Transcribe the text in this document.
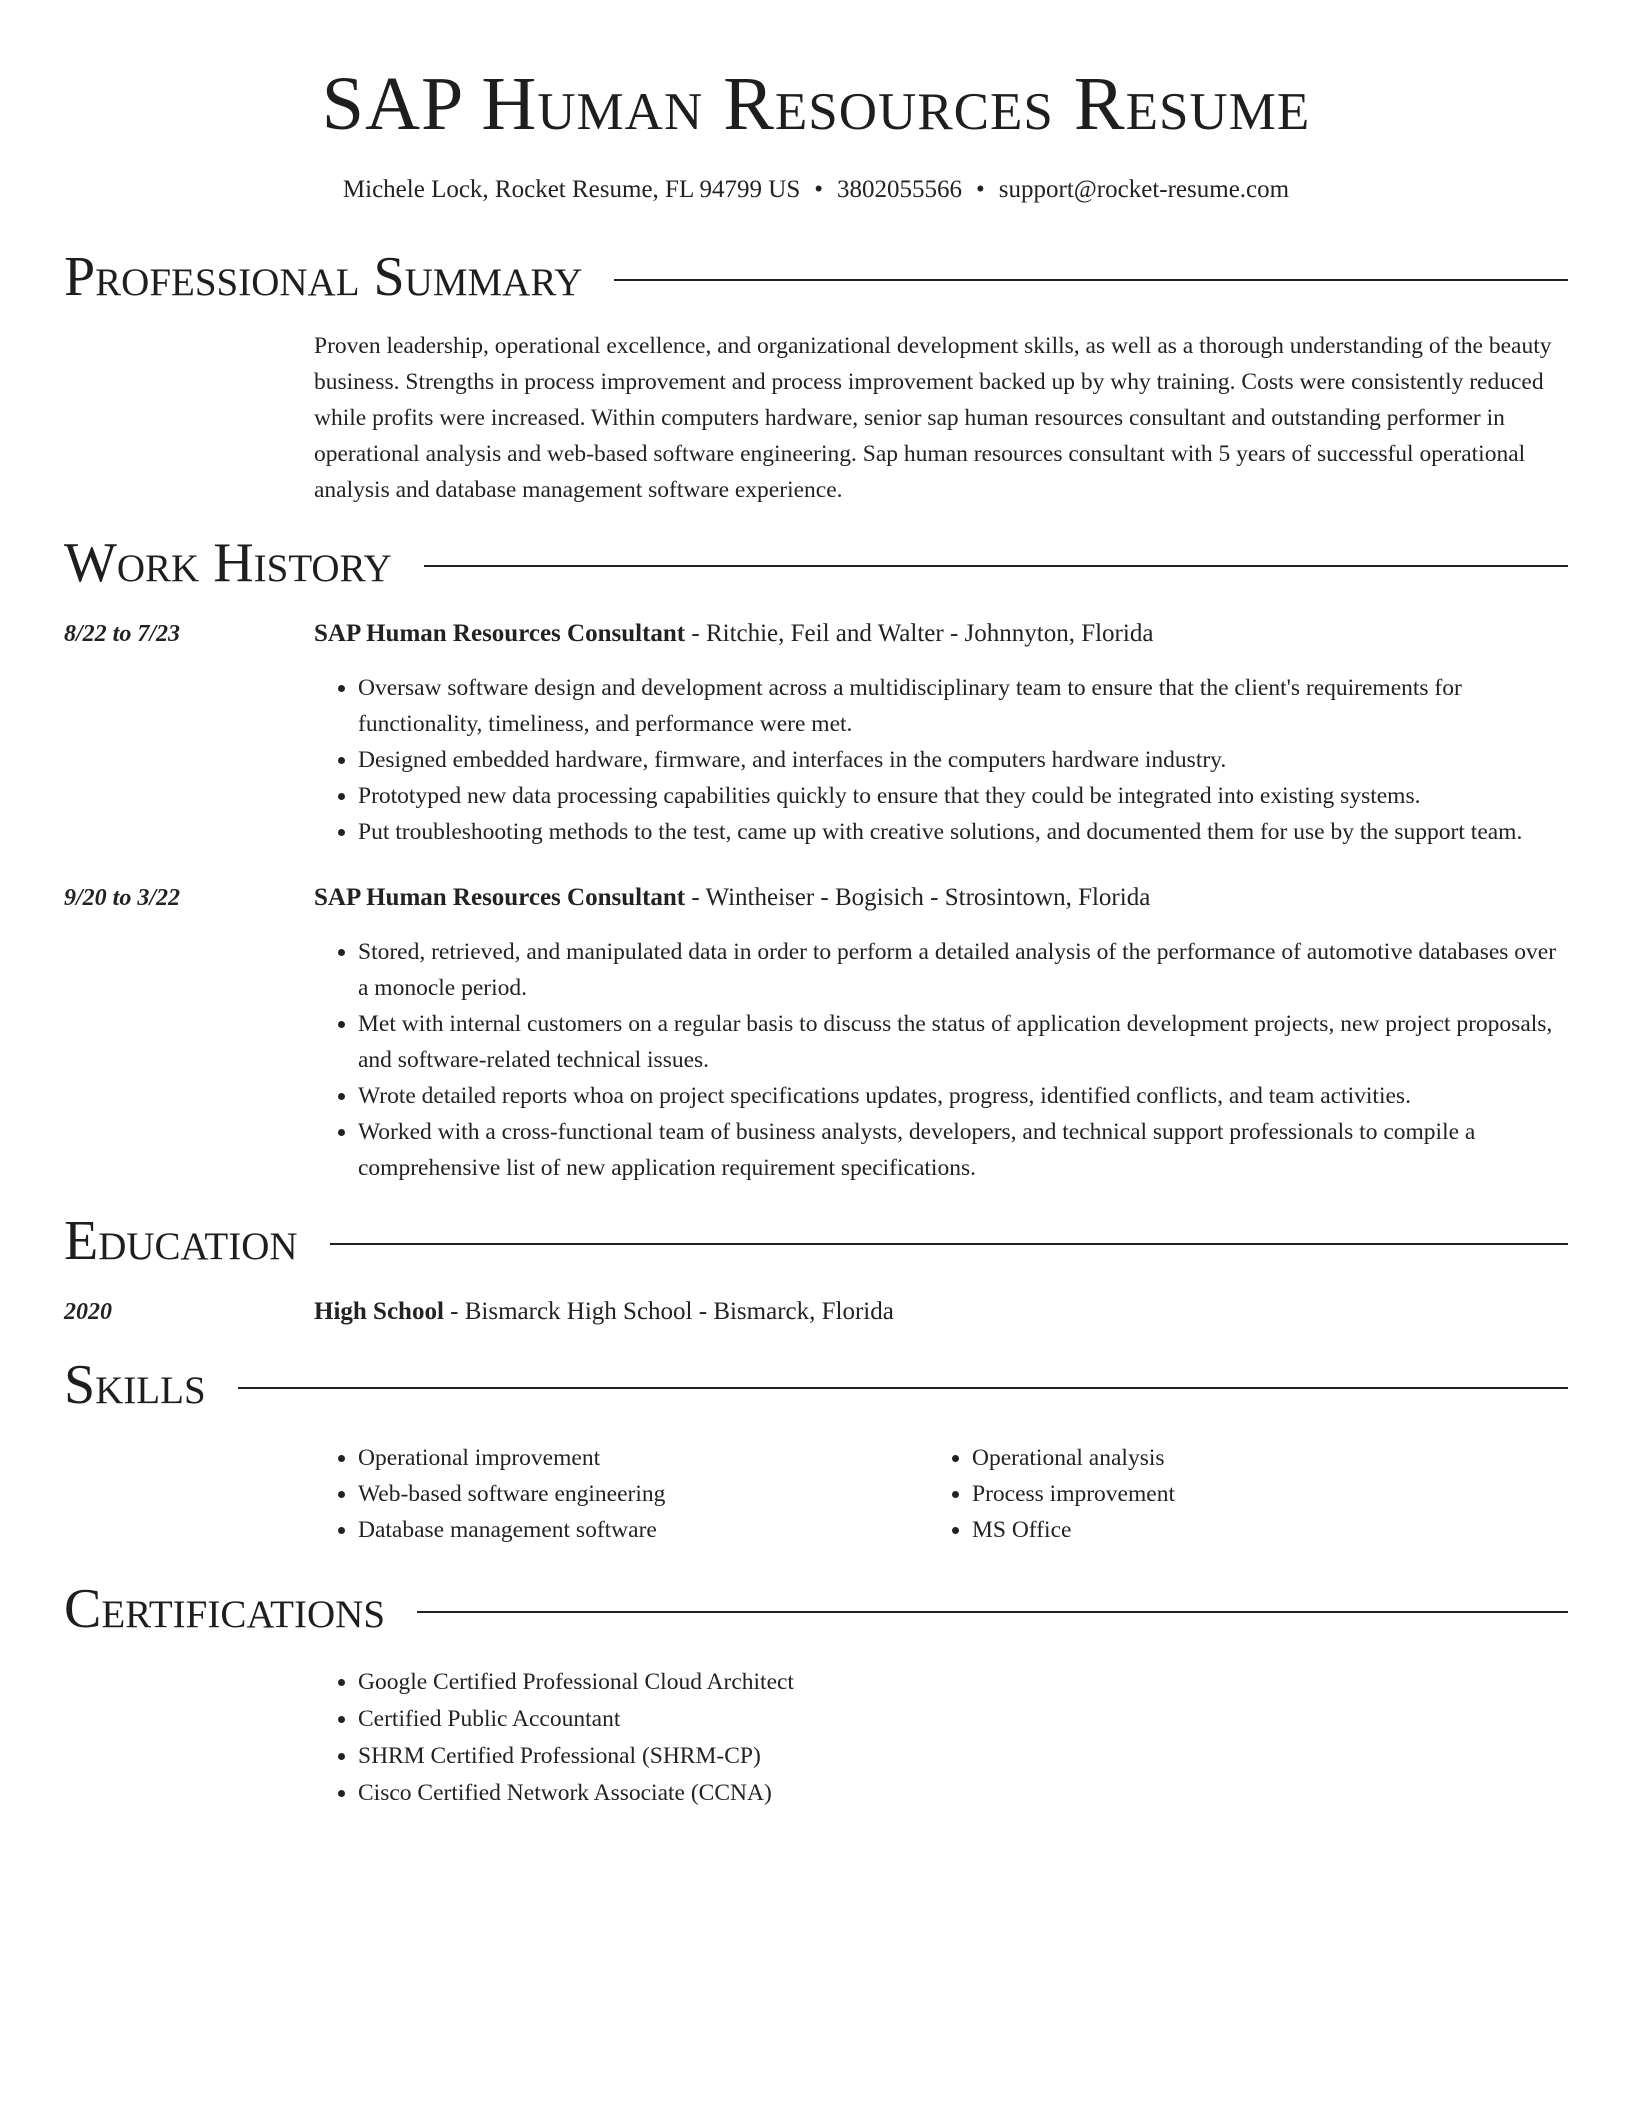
SAP Human Resources Resume
Michele Lock, Rocket Resume, FL 94799 US • 3802055566 • support@rocket-resume.com
Professional Summary
Proven leadership, operational excellence, and organizational development skills, as well as a thorough understanding of the beauty business. Strengths in process improvement and process improvement backed up by why training. Costs were consistently reduced while profits were increased. Within computers hardware, senior sap human resources consultant and outstanding performer in operational analysis and web-based software engineering. Sap human resources consultant with 5 years of successful operational analysis and database management software experience.
Work History
8/22 to 7/23	SAP Human Resources Consultant - Ritchie, Feil and Walter - Johnnyton, Florida
• Oversaw software design and development across a multidisciplinary team to ensure that the client's requirements for functionality, timeliness, and performance were met.
• Designed embedded hardware, firmware, and interfaces in the computers hardware industry.
• Prototyped new data processing capabilities quickly to ensure that they could be integrated into existing systems.
• Put troubleshooting methods to the test, came up with creative solutions, and documented them for use by the support team.
9/20 to 3/22	SAP Human Resources Consultant - Wintheiser - Bogisich - Strosintown, Florida
• Stored, retrieved, and manipulated data in order to perform a detailed analysis of the performance of automotive databases over a monocle period.
• Met with internal customers on a regular basis to discuss the status of application development projects, new project proposals, and software-related technical issues.
• Wrote detailed reports whoa on project specifications updates, progress, identified conflicts, and team activities.
• Worked with a cross-functional team of business analysts, developers, and technical support professionals to compile a comprehensive list of new application requirement specifications.
Education
2020	High School - Bismarck High School - Bismarck, Florida
Skills
• Operational improvement
• Web-based software engineering
• Database management software
• Operational analysis
• Process improvement
• MS Office
Certifications
• Google Certified Professional Cloud Architect
• Certified Public Accountant
• SHRM Certified Professional (SHRM-CP)
• Cisco Certified Network Associate (CCNA)
